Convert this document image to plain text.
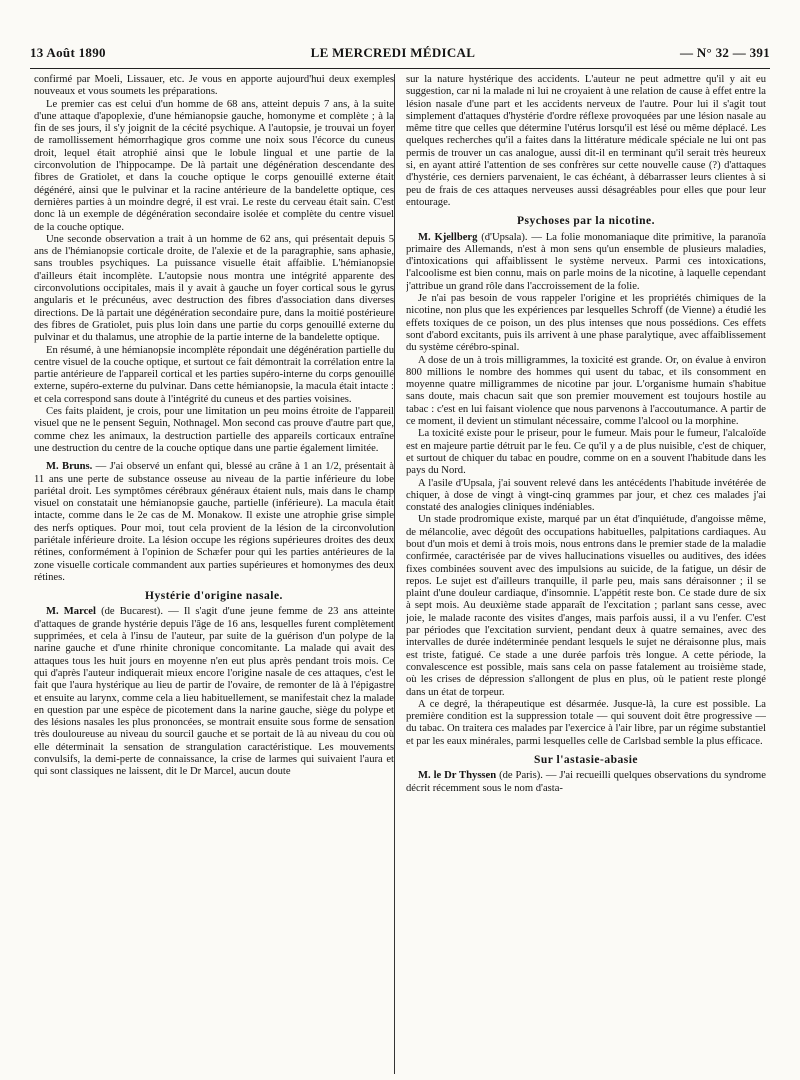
13 Août 1890	LE MERCREDI MÉDICAL	— N° 32 — 391

confirmé par Moeli, Lissauer, etc. Je vous en apporte aujourd'hui deux exemples nouveaux et vous soumets les préparations.

Le premier cas est celui d'un homme de 68 ans, atteint depuis 7 ans, à la suite d'une attaque d'apoplexie, d'une hémianopsie gauche, homonyme et complète ; à la fin de ses jours, il s'y joignit de la cécité psychique. A l'autopsie, je trouvai un foyer de ramollissement hémorrhagique gros comme une noix sous l'écorce du cuneus droit, lequel était atrophié ainsi que le lobule lingual et une partie de la circonvolution de l'hippocampe. De là partait une dégénération descendante des fibres de Gratiolet, et dans la couche optique le corps genouillé externe était dégénéré, ainsi que le pulvinar et la racine antérieure de la bandelette optique, ces dernières parties à un moindre degré, il est vrai. Le reste du cerveau était sain. C'est donc là un exemple de dégénération secondaire isolée et complète du centre visuel de la couche optique.

Une seconde observation a trait à un homme de 62 ans, qui présentait depuis 5 ans de l'hémianopsie corticale droite, de l'alexie et de la paragraphie, sans aphasie, sans troubles psychiques. La puissance visuelle était affaiblie. L'hémianopsie d'ailleurs était incomplète. L'autopsie nous montra une intégrité apparente des circonvolutions occipitales, mais il y avait à gauche un foyer cortical sous le gyrus angularis et le précunéus, avec destruction des fibres d'association dans diverses directions. De là partait une dégénération secondaire pure, dans la moitié postérieure des fibres de Gratiolet, puis plus loin dans une partie du corps genouillé externe du pulvinar et du thalamus, une atrophie de la partie interne de la bandelette optique.

En résumé, à une hémianopsie incomplète répondait une dégénération partielle du centre visuel de la couche optique, et surtout ce fait démontrait la corrélation entre la partie antérieure de l'appareil cortical et les parties supéro-interne du corps genouillé externe, supéro-externe du pulvinar. Dans cette hémianopsie, la macula était intacte : et cela correspond sans doute à l'intégrité du cuneus et des parties voisines.

Ces faits plaident, je crois, pour une limitation un peu moins étroite de l'appareil visuel que ne le pensent Seguin, Nothnagel. Mon second cas prouve d'autre part que, comme chez les animaux, la destruction partielle des appareils corticaux entraîne une destruction du centre de la couche optique dans une partie également limitée.

M. Bruns. — J'ai observé un enfant qui, blessé au crâne à 1 an 1/2, présentait à 11 ans une perte de substance osseuse au niveau de la partie inférieure du lobe pariétal droit. Les symptômes cérébraux généraux étaient nuls, mais dans le champ visuel on constatait une hémianopsie gauche, partielle (inférieure). La macula était intacte, comme dans le 2e cas de M. Monakow. Il existe une atrophie grise simple des nerfs optiques. Pour moi, tout cela provient de la lésion de la circonvolution pariétale inférieure droite. La lésion occupe les régions supérieures droites des deux rétines, conformément à l'opinion de Schæfer pour qui les parties antérieures de la zone visuelle corticale commandent aux parties supérieures et homonymes des deux rétines.

Hystérie d'origine nasale.

M. Marcel (de Bucarest). — Il s'agit d'une jeune femme de 23 ans atteinte d'attaques de grande hystérie depuis l'âge de 16 ans, lesquelles furent complètement supprimées, et cela à l'insu de l'auteur, par suite de la guérison d'un polype de la narine gauche et d'une rhinite chronique concomitante. La malade qui avait des attaques tous les huit jours en moyenne n'en eut plus après pendant trois mois. Ce qui d'après l'auteur indiquerait mieux encore l'origine nasale de ces attaques, c'est le fait que l'aura hystérique au lieu de partir de l'ovaire, de remonter de là à l'épigastre et ensuite au larynx, comme cela a lieu habituellement, se manifestait chez la malade en question par une espèce de picotement dans la narine gauche, siège du polype et des lésions nasales les plus prononcées, se montrait ensuite sous forme de sensation très douloureuse au niveau du sourcil gauche et se portait de là au niveau du cou où elle déterminait la sensation de strangulation caractéristique. Les mouvements convulsifs, la demi-perte de connaissance, la crise de larmes qui suivaient l'aura et qui sont classiques ne laissent, dit le Dr Marcel, aucun doute

sur la nature hystérique des accidents. L'auteur ne peut admettre qu'il y ait eu suggestion, car ni la malade ni lui ne croyaient à une relation de cause à effet entre la lésion nasale d'une part et les accidents nerveux de l'autre. Pour lui il s'agit tout simplement d'attaques d'hystérie d'ordre réflexe provoquées par une lésion nasale au même titre que celles que détermine l'utérus lorsqu'il est lésé ou même déplacé. Les quelques recherches qu'il a faites dans la littérature médicale spéciale ne lui ont pas permis de trouver un cas analogue, aussi dit-il en terminant qu'il serait très heureux si, en ayant attiré l'attention de ses confrères sur cette nouvelle cause (?) d'attaques d'hystérie, ces derniers parvenaient, le cas échéant, à débarrasser leurs clientes à si peu de frais de ces attaques nerveuses aussi désagréables pour elles que pour leur entourage.

Psychoses par la nicotine.

M. Kjellberg (d'Upsala). — La folie monomaniaque dite primitive, la paranoïa primaire des Allemands, n'est à mon sens qu'un ensemble de plusieurs maladies, d'intoxications qui affaiblissent le système nerveux. Parmi ces intoxications, l'alcoolisme est bien connu, mais on parle moins de la nicotine, à laquelle cependant j'attribue un grand rôle dans l'accroissement de la folie.

Je n'ai pas besoin de vous rappeler l'origine et les propriétés chimiques de la nicotine, non plus que les expériences par lesquelles Schroff (de Vienne) a étudié les effets toxiques de ce poison, un des plus intenses que nous possédions. Ces effets sont d'abord excitants, puis ils arrivent à une phase paralytique, avec affaiblissement du système cérébro-spinal.

A dose de un à trois milligrammes, la toxicité est grande. Or, on évalue à environ 800 millions le nombre des hommes qui usent du tabac, et ils consomment en moyenne quatre milligrammes de nicotine par jour. L'organisme humain s'habitue sans doute, mais chacun sait que son premier mouvement est toujours hostile au tabac : c'est en lui faisant violence que nous parvenons à l'accoutumance. A partir de ce moment, il devient un stimulant nécessaire, comme l'alcool ou la morphine.

La toxicité existe pour le priseur, pour le fumeur. Mais pour le fumeur, l'alcaloïde est en majeure partie détruit par le feu. Ce qu'il y a de plus nuisible, c'est de chiquer, et surtout de chiquer du tabac en poudre, comme on en a souvent l'habitude dans les pays du Nord.

A l'asile d'Upsala, j'ai souvent relevé dans les antécédents l'habitude invétérée de chiquer, à dose de vingt à vingt-cinq grammes par jour, et chez ces malades j'ai constaté des analogies cliniques indéniables.

Un stade prodromique existe, marqué par un état d'inquiétude, d'angoisse même, de mélancolie, avec dégoût des occupations habituelles, palpitations cardiaques. Au bout d'un mois et demi à trois mois, nous entrons dans le premier stade de la maladie confirmée, caractérisée par de vives hallucinations visuelles ou auditives, des idées fixes combinées souvent avec des impulsions au suicide, de la fatigue, un désir de repos. Le sujet est d'ailleurs tranquille, il parle peu, mais sans déraisonner ; il se plaint d'une douleur cardiaque, d'insomnie. L'appétit reste bon. Ce stade dure de six à sept mois. Au deuxième stade apparaît de l'excitation ; parlant sans cesse, avec joie, le malade raconte des visites d'anges, mais parfois aussi, il a vu l'enfer. C'est par périodes que l'excitation survient, pendant deux à quatre semaines, avec des intervalles de durée indéterminée pendant lesquels le sujet ne déraisonne plus, mais est triste, fatigué. Ce stade a une durée parfois très longue. A cette période, la convalescence est possible, mais sans cela on passe fatalement au troisième stade, où les crises de dépression s'allongent de plus en plus, où le patient reste plongé dans un état de torpeur.

A ce degré, la thérapeutique est désarmée. Jusque-là, la cure est possible. La première condition est la suppression totale — qui souvent doit être progressive — du tabac. On traitera ces malades par l'exercice à l'air libre, par un régime substantiel et par les eaux minérales, parmi lesquelles celle de Carlsbad semble la plus efficace.

Sur l'astasie-abasie

M. le Dr Thyssen (de Paris). — J'ai recueilli quelques observations du syndrome décrit récemment sous le nom d'asta-
